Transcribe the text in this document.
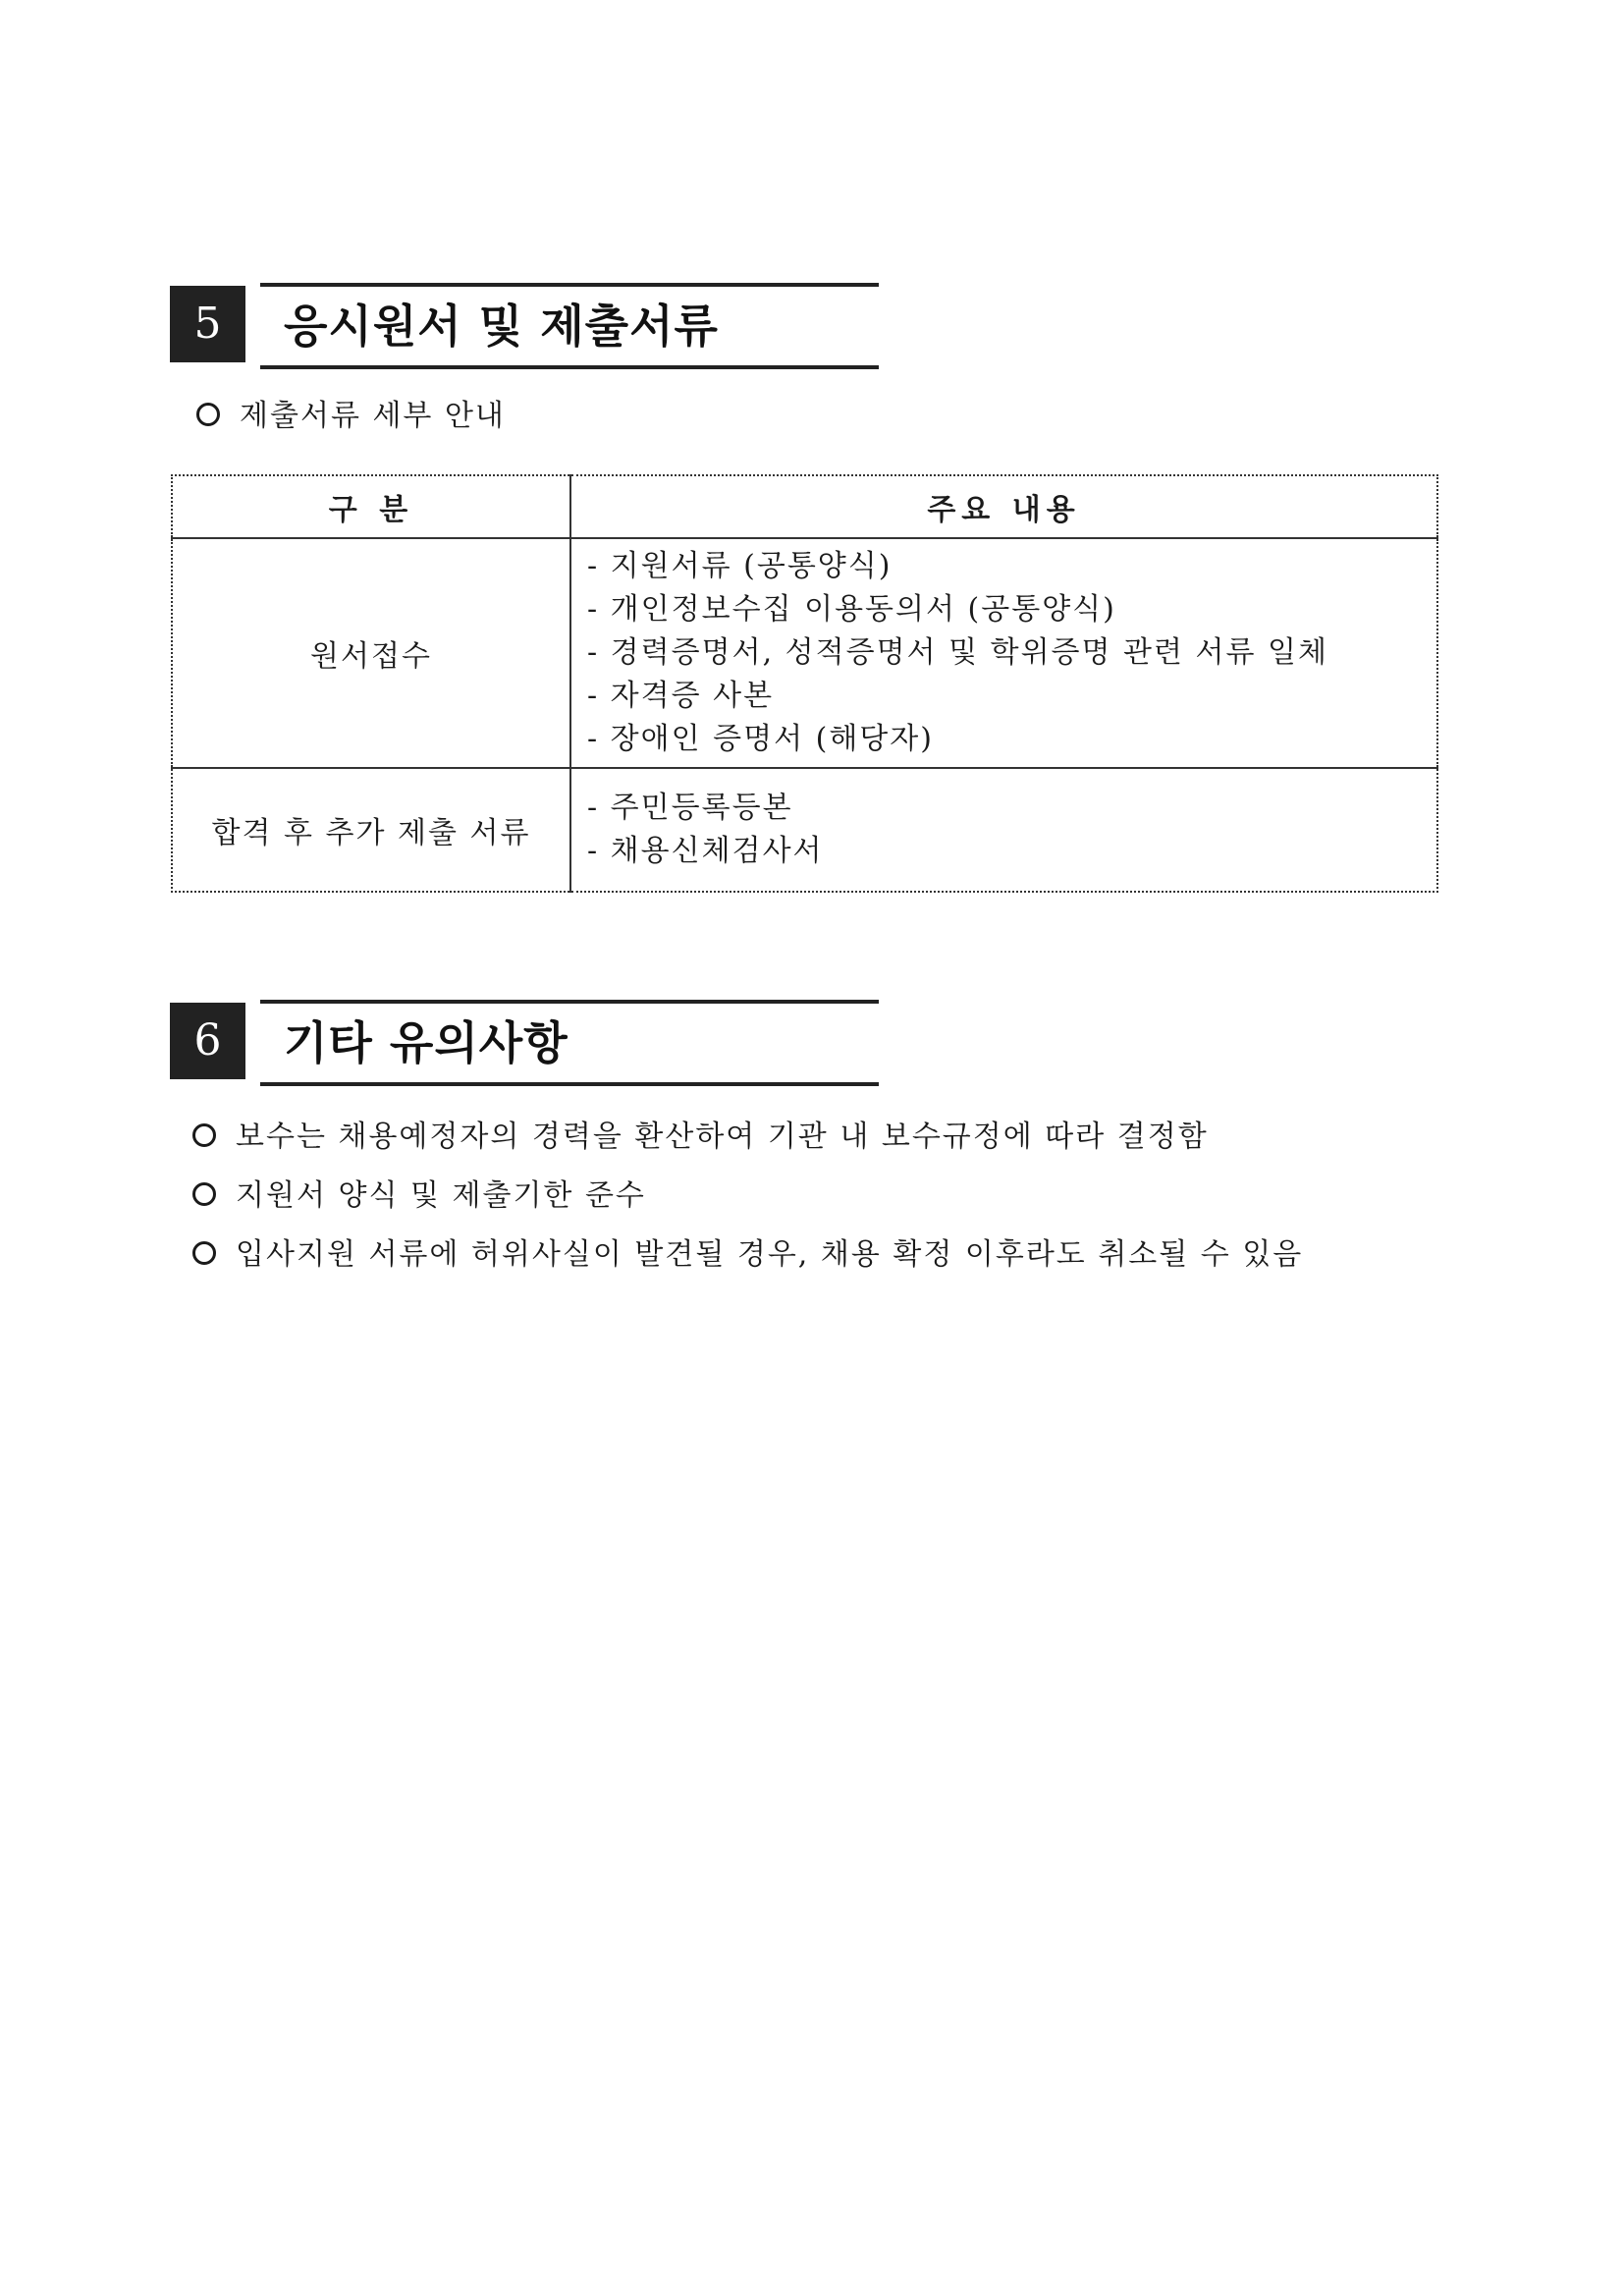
5	응시원서 및 제출서류
제출서류 세부 안내
구 분	주요 내용
원서접수	- 지원서류 (공통양식)
- 개인정보수집 이용동의서 (공통양식)
- 경력증명서, 성적증명서 및 학위증명 관련 서류 일체
- 자격증 사본
- 장애인 증명서 (해당자)

합격 후 추가 제출 서류	- 주민등록등본
- 채용신체검사서
6	기타 유의사항
보수는 채용예정자의 경력을 환산하여 기관 내 보수규정에 따라 결정함
지원서 양식 및 제출기한 준수
입사지원 서류에 허위사실이 발견될 경우, 채용 확정 이후라도 취소될 수 있음
